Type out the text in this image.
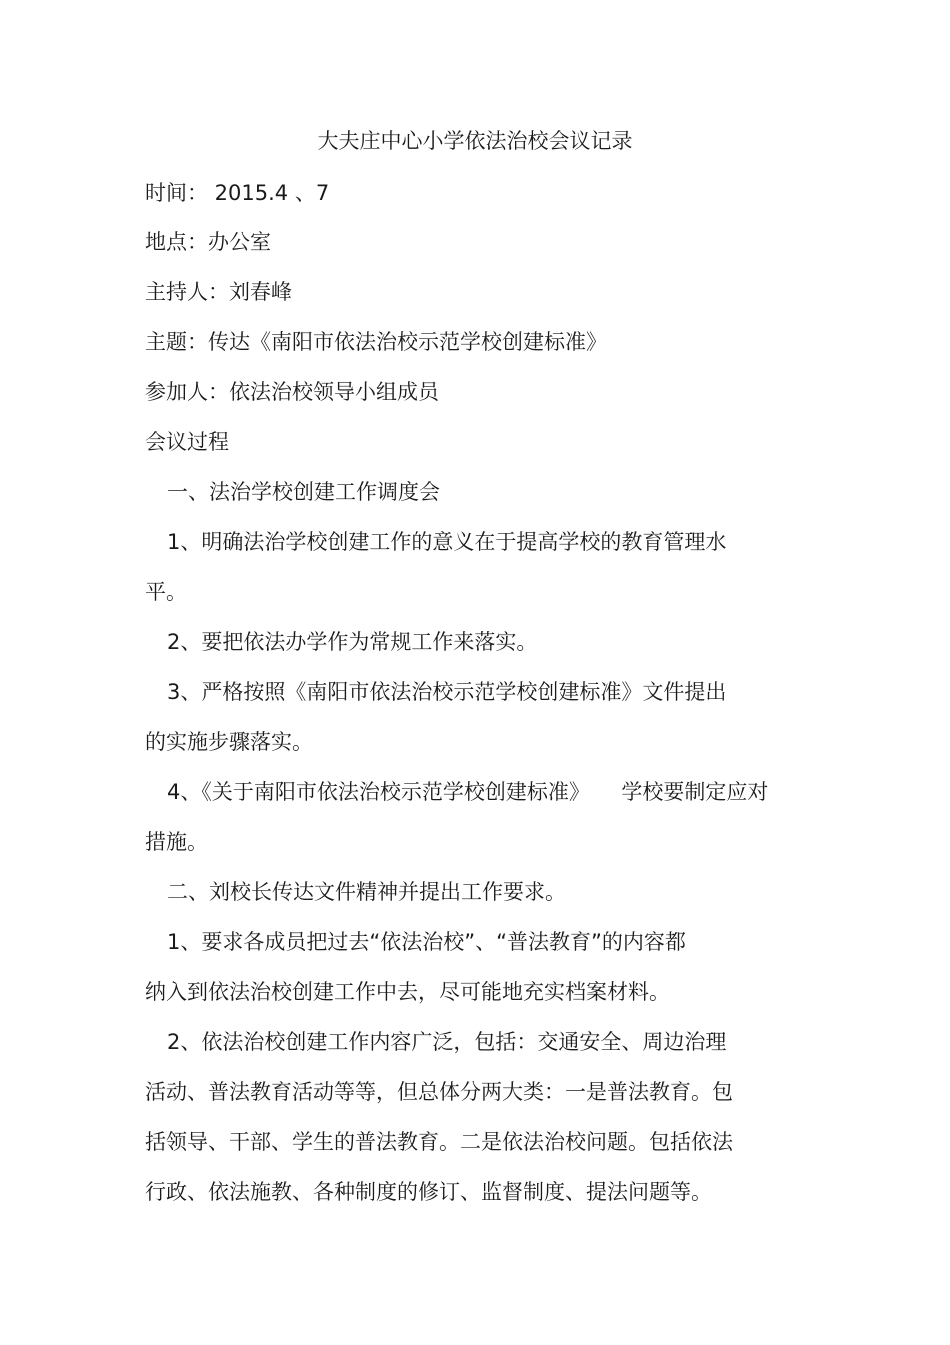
大夫庄中心小学依法治校会议记录
时间： 2015.4 、7
地点：办公室
主持人：刘春峰
主题：传达《南阳市依法治校示范学校创建标准》
参加人：依法治校领导小组成员
会议过程
一、法治学校创建工作调度会
1、明确法治学校创建工作的意义在于提高学校的教育管理水
平。
2、要把依法办学作为常规工作来落实。
3、严格按照《南阳市依法治校示范学校创建标准》文件提出
的实施步骤落实。
4、《关于南阳市依法治校示范学校创建标准》　　学校要制定应对
措施。
二、刘校长传达文件精神并提出工作要求。
1、要求各成员把过去“依法治校”、“普法教育”的内容都
纳入到依法治校创建工作中去，尽可能地充实档案材料。
2、依法治校创建工作内容广泛，包括：交通安全、周边治理
活动、普法教育活动等等，但总体分两大类：一是普法教育。包
括领导、干部、学生的普法教育。二是依法治校问题。包括依法
行政、依法施教、各种制度的修订、监督制度、提法问题等。
